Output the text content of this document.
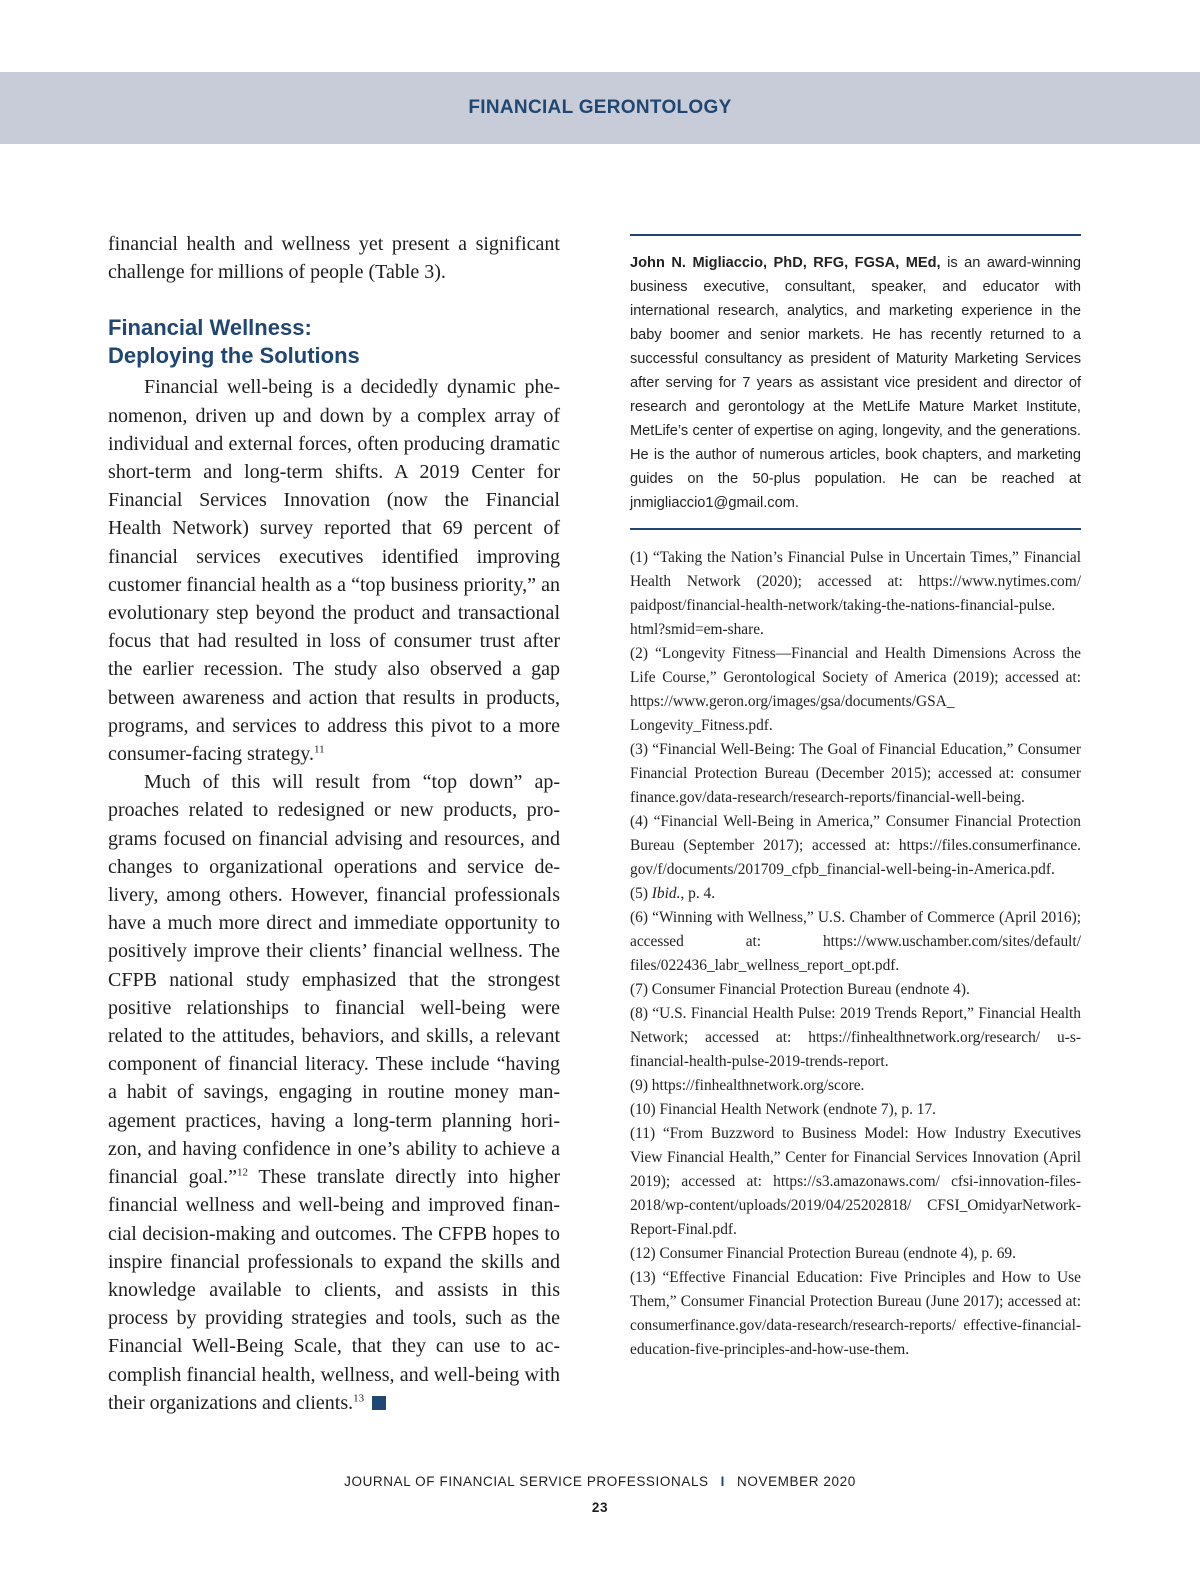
FINANCIAL GERONTOLOGY

financial health and wellness yet present a significant challenge for millions of people (Table 3).

Financial Wellness:
Deploying the Solutions

Financial well-being is a decidedly dynamic phenomenon, driven up and down by a complex array of individual and external forces, often producing dramatic short-term and long-term shifts. A 2019 Center for Financial Services Innovation (now the Financial Health Network) survey reported that 69 percent of financial services executives identified improving customer financial health as a “top business priority,” an evolutionary step beyond the product and transactional focus that had resulted in loss of consumer trust after the earlier recession. The study also observed a gap between awareness and action that results in products, programs, and services to address this pivot to a more consumer-facing strategy.$^{11}$

Much of this will result from “top down” approaches related to redesigned or new products, programs focused on financial advising and resources, and changes to organizational operations and service delivery, among others. However, financial professionals have a much more direct and immediate opportunity to positively improve their clients’ financial wellness. The CFPB national study emphasized that the strongest positive relationships to financial well-being were related to the attitudes, behaviors, and skills, a relevant component of financial literacy. These include “having a habit of savings, engaging in routine money management practices, having a long-term planning horizon, and having confidence in one’s ability to achieve a financial goal.”$^{12}$ These translate directly into higher financial wellness and well-being and improved financial decision-making and outcomes. The CFPB hopes to inspire financial professionals to expand the skills and knowledge available to clients, and assists in this process by providing strategies and tools, such as the Financial Well-Being Scale, that they can use to accomplish financial health, wellness, and well-being with their organizations and clients.$^{13}$

John N. Migliaccio, PhD, RFG, FGSA, MEd, is an award-winning business executive, consultant, speaker, and educator with international research, analytics, and marketing experience in the baby boomer and senior markets. He has recently returned to a successful consultancy as president of Maturity Marketing Services after serving for 7 years as assistant vice president and director of research and gerontology at the MetLife Mature Market Institute, MetLife’s center of expertise on aging, longevity, and the generations. He is the author of numerous articles, book chapters, and marketing guides on the 50-plus population. He can be reached at jnmigliaccio1@gmail.com.

(1) “Taking the Nation’s Financial Pulse in Uncertain Times,” Financial Health Network (2020); accessed at: https://www.nytimes.com/ paidpost/financial-health-network/taking-the-nations-financial-pulse. html?smid=em-share.

(2) “Longevity Fitness—Financial and Health Dimensions Across the Life Course,” Gerontological Society of America (2019); accessed at: https://www.geron.org/images/gsa/documents/GSA_ Longevity_Fitness.pdf.

(3) “Financial Well-Being: The Goal of Financial Education,” Consumer Financial Protection Bureau (December 2015); accessed at: consumer finance.gov/data-research/research-reports/financial-well-being.

(4) “Financial Well-Being in America,” Consumer Financial Protection Bureau (September 2017); accessed at: https://files.consumerfinance. gov/f/documents/201709_cfpb_financial-well-being-in-America.pdf.

(5) Ibid., p. 4.

(6) “Winning with Wellness,” U.S. Chamber of Commerce (April 2016); accessed at: https://www.uschamber.com/sites/default/ files/022436_labr_wellness_report_opt.pdf.

(7) Consumer Financial Protection Bureau (endnote 4).

(8) “U.S. Financial Health Pulse: 2019 Trends Report,” Financial Health Network; accessed at: https://finhealthnetwork.org/research/ u-s-financial-health-pulse-2019-trends-report.

(9) https://finhealthnetwork.org/score.

(10) Financial Health Network (endnote 7), p. 17.

(11) “From Buzzword to Business Model: How Industry Executives View Financial Health,” Center for Financial Services Innovation (April 2019); accessed at: https://s3.amazonaws.com/ cfsi-innovation-files-2018/wp-content/uploads/2019/04/25202818/ CFSI_OmidyarNetwork-Report-Final.pdf.

(12) Consumer Financial Protection Bureau (endnote 4), p. 69.

(13) “Effective Financial Education: Five Principles and How to Use Them,” Consumer Financial Protection Bureau (June 2017); accessed at: consumerfinance.gov/data-research/research-reports/ effective-financial-education-five-principles-and-how-use-them.

JOURNAL OF FINANCIAL SERVICE PROFESSIONALS I NOVEMBER 2020
23
